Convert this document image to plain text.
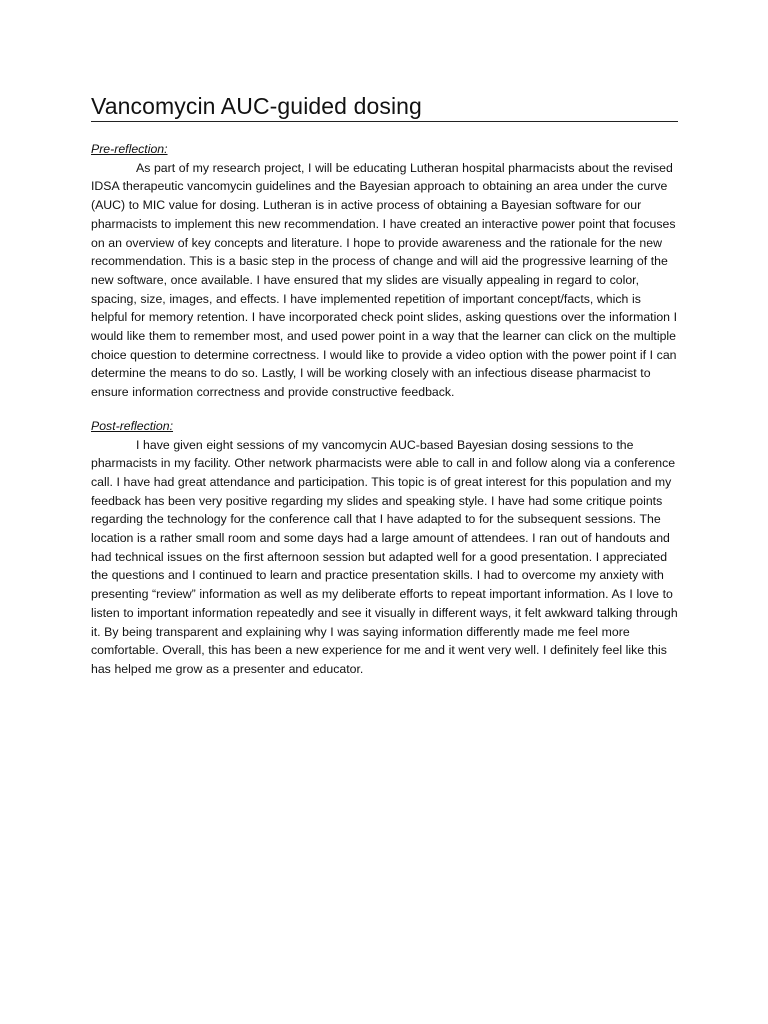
Vancomycin AUC-guided dosing

Pre-reflection:

As part of my research project, I will be educating Lutheran hospital pharmacists about the revised IDSA therapeutic vancomycin guidelines and the Bayesian approach to obtaining an area under the curve (AUC) to MIC value for dosing. Lutheran is in active process of obtaining a Bayesian software for our pharmacists to implement this new recommendation. I have created an interactive power point that focuses on an overview of key concepts and literature. I hope to provide awareness and the rationale for the new recommendation. This is a basic step in the process of change and will aid the progressive learning of the new software, once available. I have ensured that my slides are visually appealing in regard to color, spacing, size, images, and effects. I have implemented repetition of important concept/facts, which is helpful for memory retention. I have incorporated check point slides, asking questions over the information I would like them to remember most, and used power point in a way that the learner can click on the multiple choice question to determine correctness. I would like to provide a video option with the power point if I can determine the means to do so. Lastly, I will be working closely with an infectious disease pharmacist to ensure information correctness and provide constructive feedback.

Post-reflection:

I have given eight sessions of my vancomycin AUC-based Bayesian dosing sessions to the pharmacists in my facility. Other network pharmacists were able to call in and follow along via a conference call. I have had great attendance and participation. This topic is of great interest for this population and my feedback has been very positive regarding my slides and speaking style. I have had some critique points regarding the technology for the conference call that I have adapted to for the subsequent sessions. The location is a rather small room and some days had a large amount of attendees. I ran out of handouts and had technical issues on the first afternoon session but adapted well for a good presentation. I appreciated the questions and I continued to learn and practice presentation skills. I had to overcome my anxiety with presenting “review” information as well as my deliberate efforts to repeat important information. As I love to listen to important information repeatedly and see it visually in different ways, it felt awkward talking through it. By being transparent and explaining why I was saying information differently made me feel more comfortable. Overall, this has been a new experience for me and it went very well. I definitely feel like this has helped me grow as a presenter and educator.
